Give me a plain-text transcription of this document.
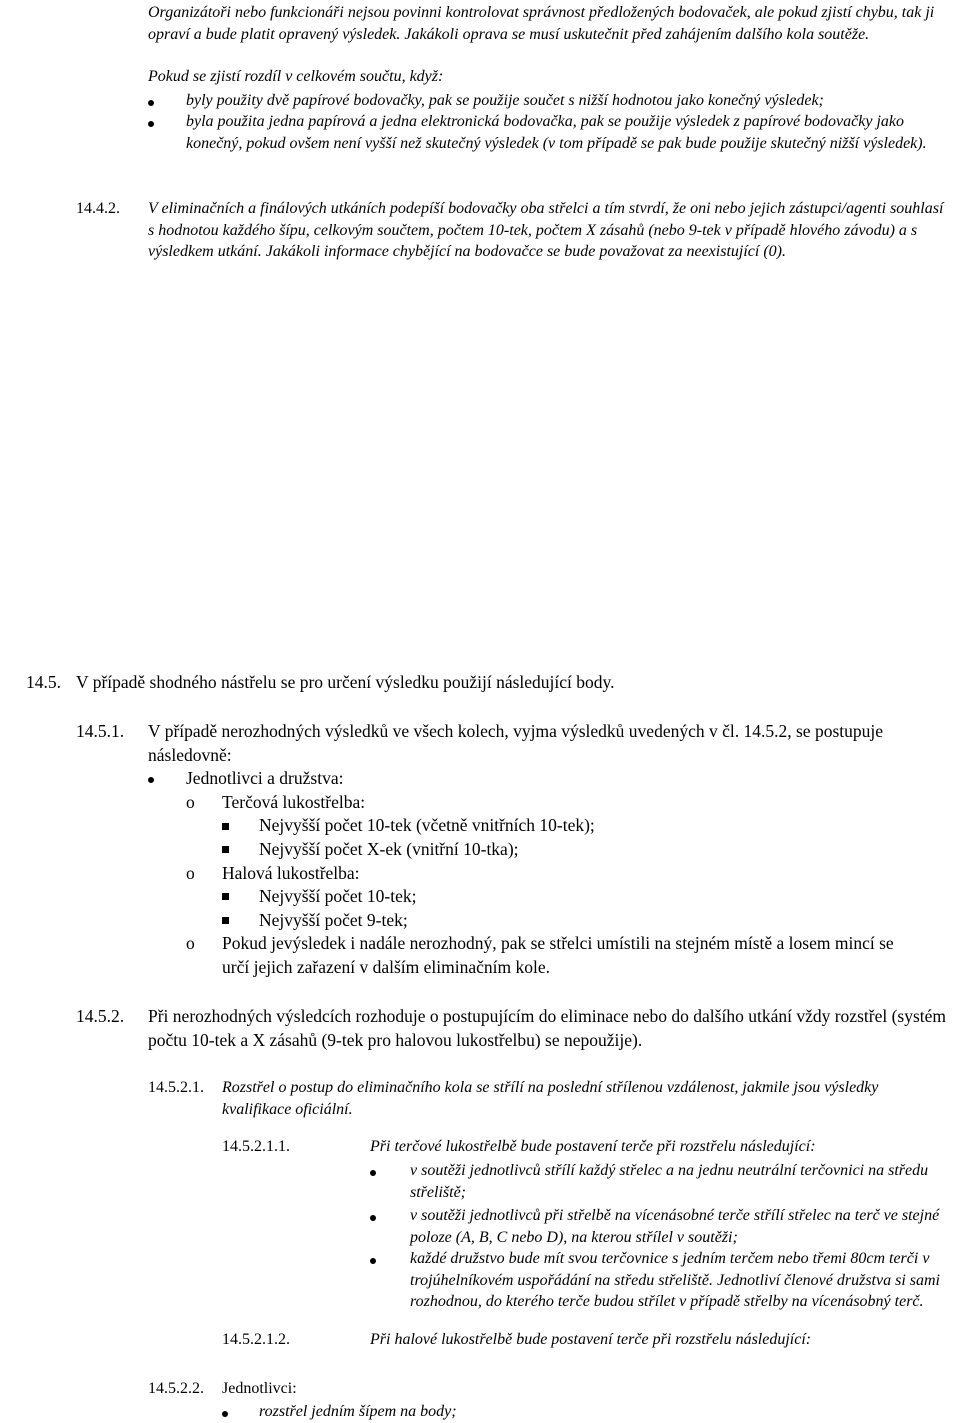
Organizátoři nebo funkcionáři nejsou povinni kontrolovat správnost předložených bodovaček, ale pokud zjistí chybu, tak ji opraví a bude platit opravený výsledek. Jakákoli oprava se musí uskutečnit před zahájením dalšího kola soutěže.
Pokud se zjistí rozdíl v celkovém součtu, když:
byly použity dvě papírové bodovačky, pak se použije součet s nižší hodnotou jako konečný výsledek;
byla použita jedna papírová a jedna elektronická bodovačka, pak se použije výsledek z papírové bodovačky jako konečný, pokud ovšem není vyšší než skutečný výsledek (v tom případě se pak bude použije skutečný nižší výsledek).
14.4.2. V eliminačních a finálových utkáních podepíší bodovačky oba střelci a tím stvrdí, že oni nebo jejich zástupci/agenti souhlasí s hodnotou každého šípu, celkovým součtem, počtem 10-tek, počtem X zásahů (nebo 9-tek v případě hlového závodu) a s výsledkem utkání. Jakákoli informace chybějící na bodovačce se bude považovat za neexistující (0).
14.5. V případě shodného nástřelu se pro určení výsledku použijí následující body.
14.5.1. V případě nerozhodných výsledků ve všech kolech, vyjma výsledků uvedených v čl. 14.5.2, se postupuje následovně:
Jednotlivci a družstva:
o Terčová lukostřelba:
Nejvyšší počet 10-tek (včetně vnitřních 10-tek);
Nejvyšší počet X-ek (vnitřní 10-tka);
o Halová lukostřelba:
Nejvyšší počet 10-tek;
Nejvyšší počet 9-tek;
o Pokud jevýsledek i nadále nerozhodný, pak se střelci umístili na stejném místě a losem mincí se určí jejich zařazení v dalším eliminačním kole.
14.5.2. Při nerozhodných výsledcích rozhoduje o postupujícím do eliminace nebo do dalšího utkání vždy rozstřel (systém počtu 10-tek a X zásahů (9-tek pro halovou lukostřelbu) se nepoužije).
14.5.2.1. Rozstřel o postup do eliminačního kola se střílí na poslední střílenou vzdálenost, jakmile jsou výsledky kvalifikace oficiální.
14.5.2.1.1.	Při terčové lukostřelbě bude postavení terče při rozstřelu následující:
v soutěži jednotlivců střílí každý střelec a na jednu neutrální terčovnici na středu střeliště;
v soutěži jednotlivců při střelbě na vícenásobné terče střílí střelec na terč ve stejné poloze (A, B, C nebo D), na kterou střílel v soutěži;
každé družstvo bude mít svou terčovnice s jedním terčem nebo třemi 80cm terči v trojúhelníkovém uspořádání na středu střeliště. Jednotliví členové družstva si sami rozhodnou, do kterého terče budou střílet v případě střelby na vícenásobný terč.
14.5.2.1.2.	Při halové lukostřelbě bude postavení terče při rozstřelu následující:
14.5.2.2. Jednotlivci:
rozstřel jedním šípem na body;
